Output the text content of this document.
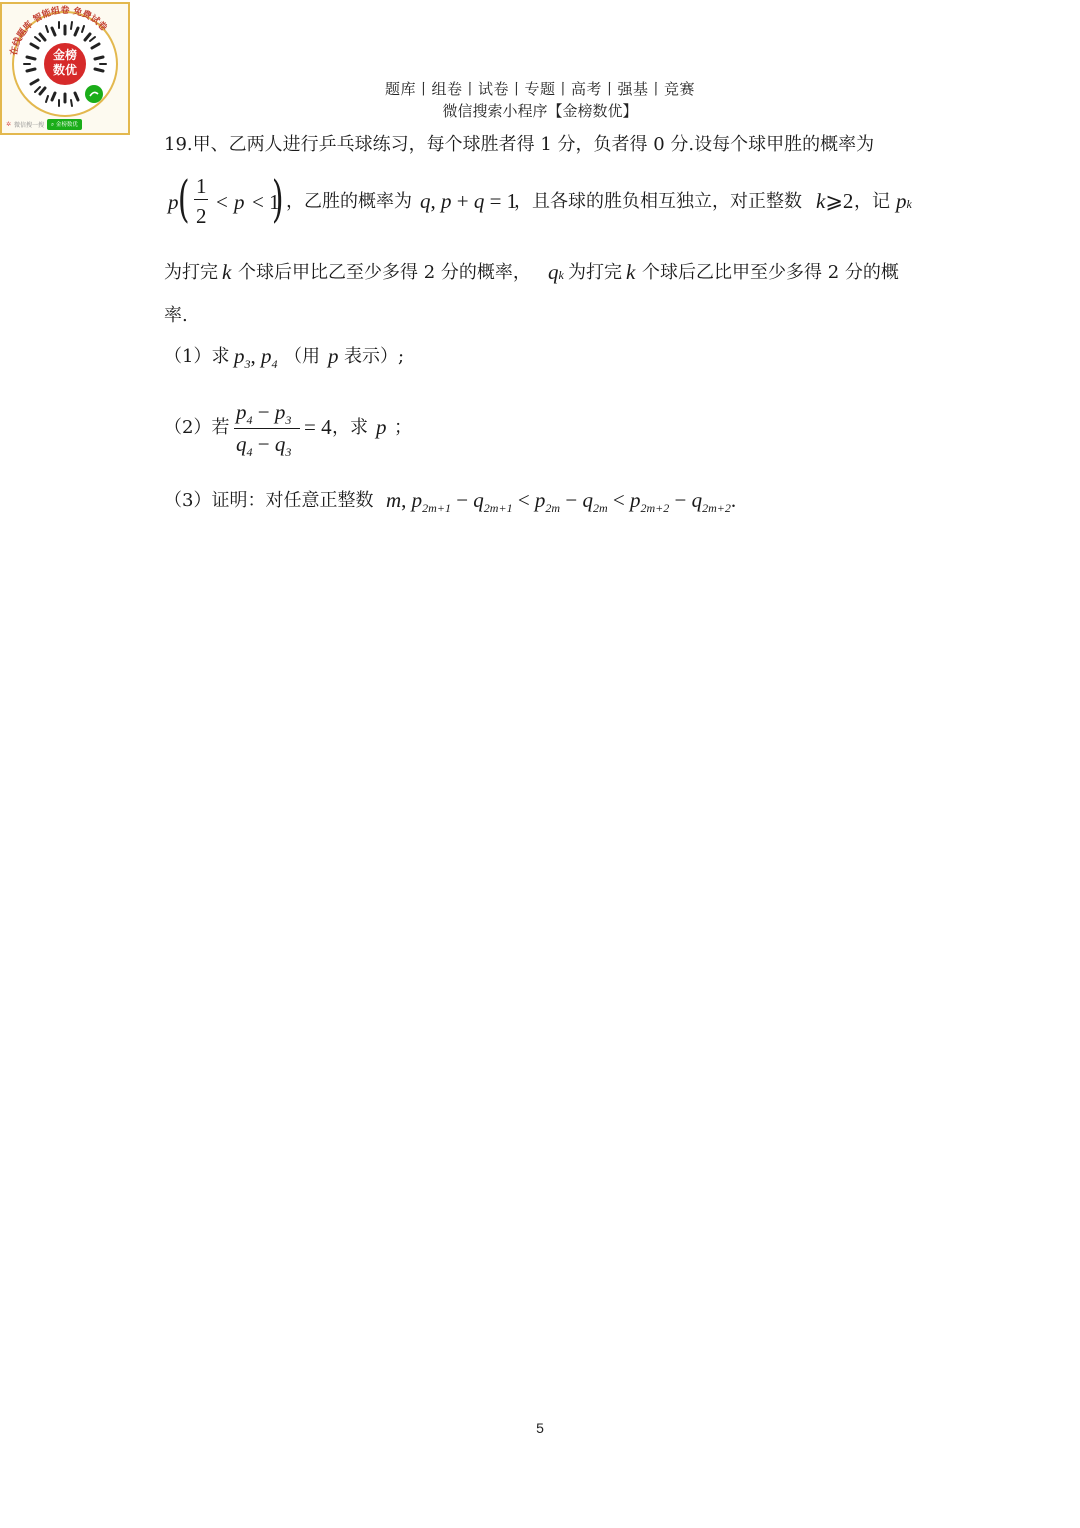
在线题库 智能组卷 免费试卷
金榜
数优
✲ 微信搜一搜	⌕ 金榜数优
题库丨组卷丨试卷丨专题丨高考丨强基丨竞赛
微信搜索小程序【金榜数优】
19.甲、乙两人进行乒乓球练习，每个球胜者得 1 分，负者得 0 分.设每个球甲胜的概率为
p ( 1
2
< p < 1
) ，乙胜的概率为 q, p + q = 1
，且各球的胜负相互独立，对正整数 k⩾2 ，记 pk
为打完 k 个球后甲比乙至少多得 2 分的概率， qk 为打完 k 个球后乙比甲至少多得 2 分的概
率.
（1）求 $p_3$, $p_4$ （用 p 表示）;
（2）若
$p_4 - p_3$
$q_4 - q_3$
= 4 ，求 p ；
（3）证明：对任意正整数 m, $p_{2m+1} - q_{2m+1} < p_{2m} - q_{2m} < p_{2m+2} - q_{2m+2}$.
5
